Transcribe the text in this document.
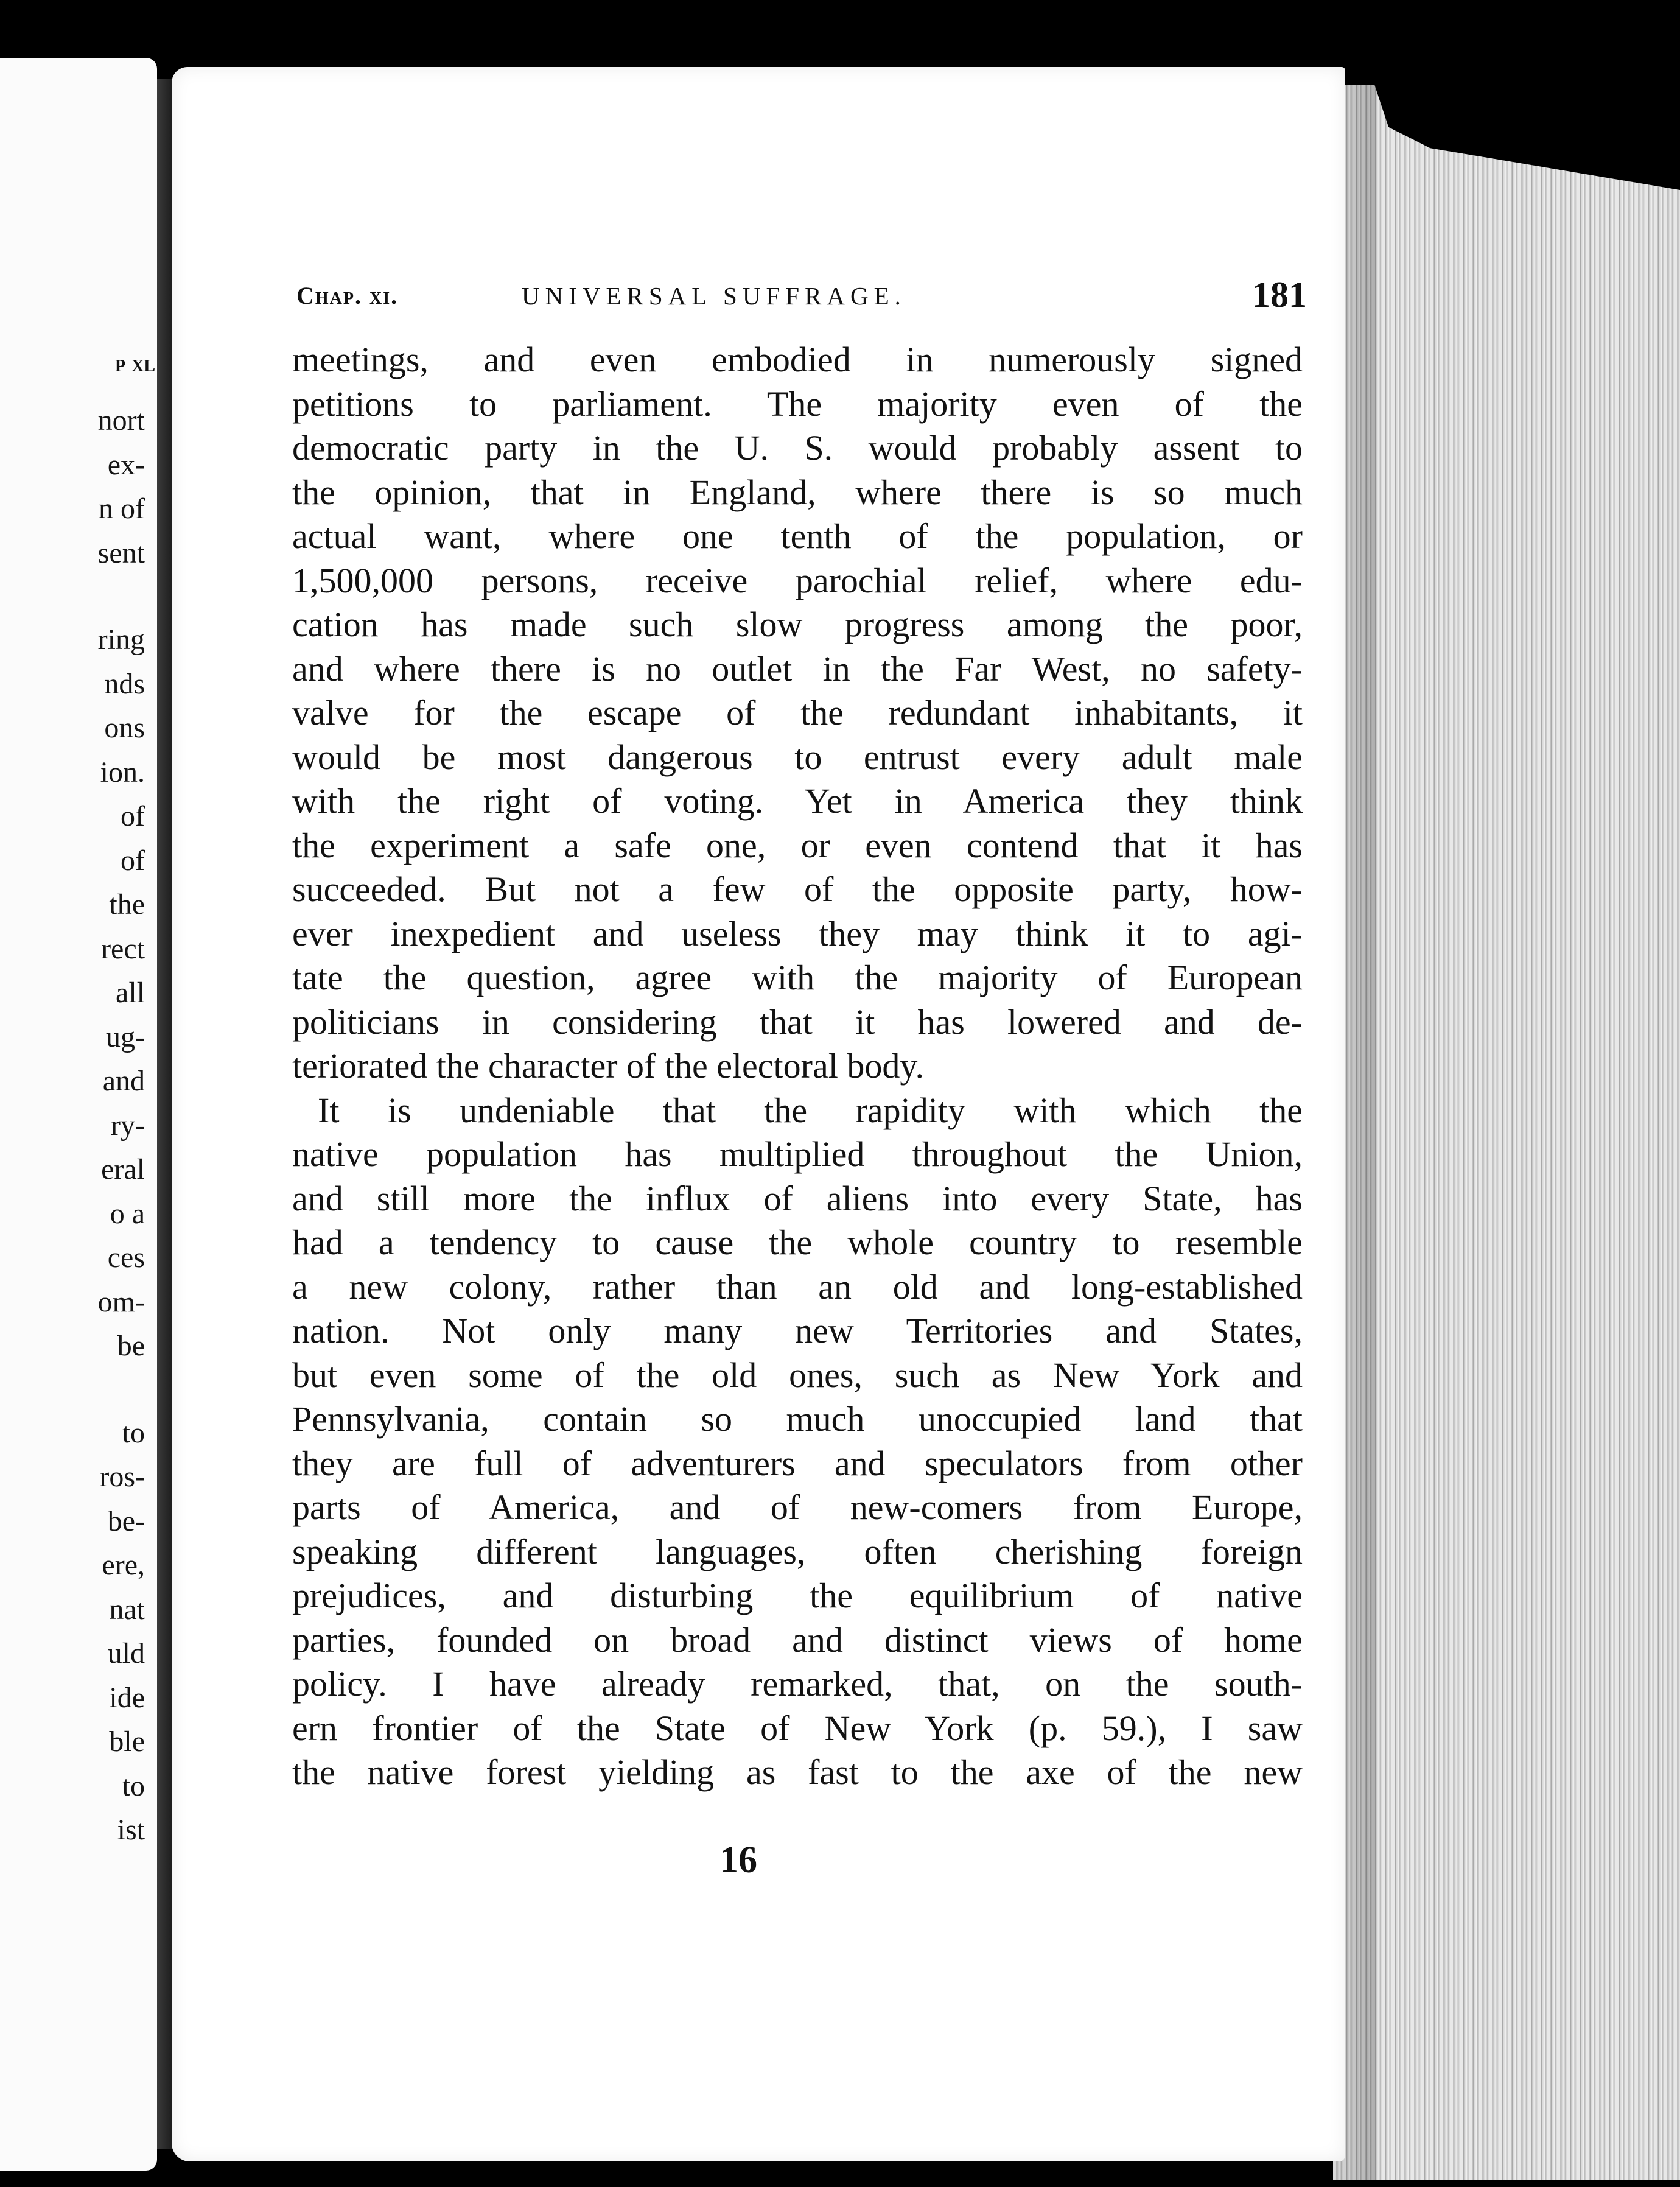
p xl
nort
ex-
n of
sent
ring
nds
ons
ion.
of
of
the
rect
all
ug-
and
ry-
eral
o a
ces
om-
be
to
ros-
be-
ere,
nat
uld
ide
ble
to
ist
Chap. xi.	UNIVERSAL SUFFRAGE.	181
meetings, and even embodied in numerously signed
petitions to parliament. The majority even of the
democratic party in the U. S. would probably assent to
the opinion, that in England, where there is so much
actual want, where one tenth of the population, or
1,500,000 persons, receive parochial relief, where edu-
cation has made such slow progress among the poor,
and where there is no outlet in the Far West, no safety-
valve for the escape of the redundant inhabitants, it
would be most dangerous to entrust every adult male
with the right of voting. Yet in America they think
the experiment a safe one, or even contend that it has
succeeded. But not a few of the opposite party, how-
ever inexpedient and useless they may think it to agi-
tate the question, agree with the majority of European
politicians in considering that it has lowered and de-
teriorated the character of the electoral body.
It is undeniable that the rapidity with which the
native population has multiplied throughout the Union,
and still more the influx of aliens into every State, has
had a tendency to cause the whole country to resemble
a new colony, rather than an old and long-established
nation. Not only many new Territories and States,
but even some of the old ones, such as New York and
Pennsylvania, contain so much unoccupied land that
they are full of adventurers and speculators from other
parts of America, and of new-comers from Europe,
speaking different languages, often cherishing foreign
prejudices, and disturbing the equilibrium of native
parties, founded on broad and distinct views of home
policy. I have already remarked, that, on the south-
ern frontier of the State of New York (p. 59.), I saw
the native forest yielding as fast to the axe of the new
16
